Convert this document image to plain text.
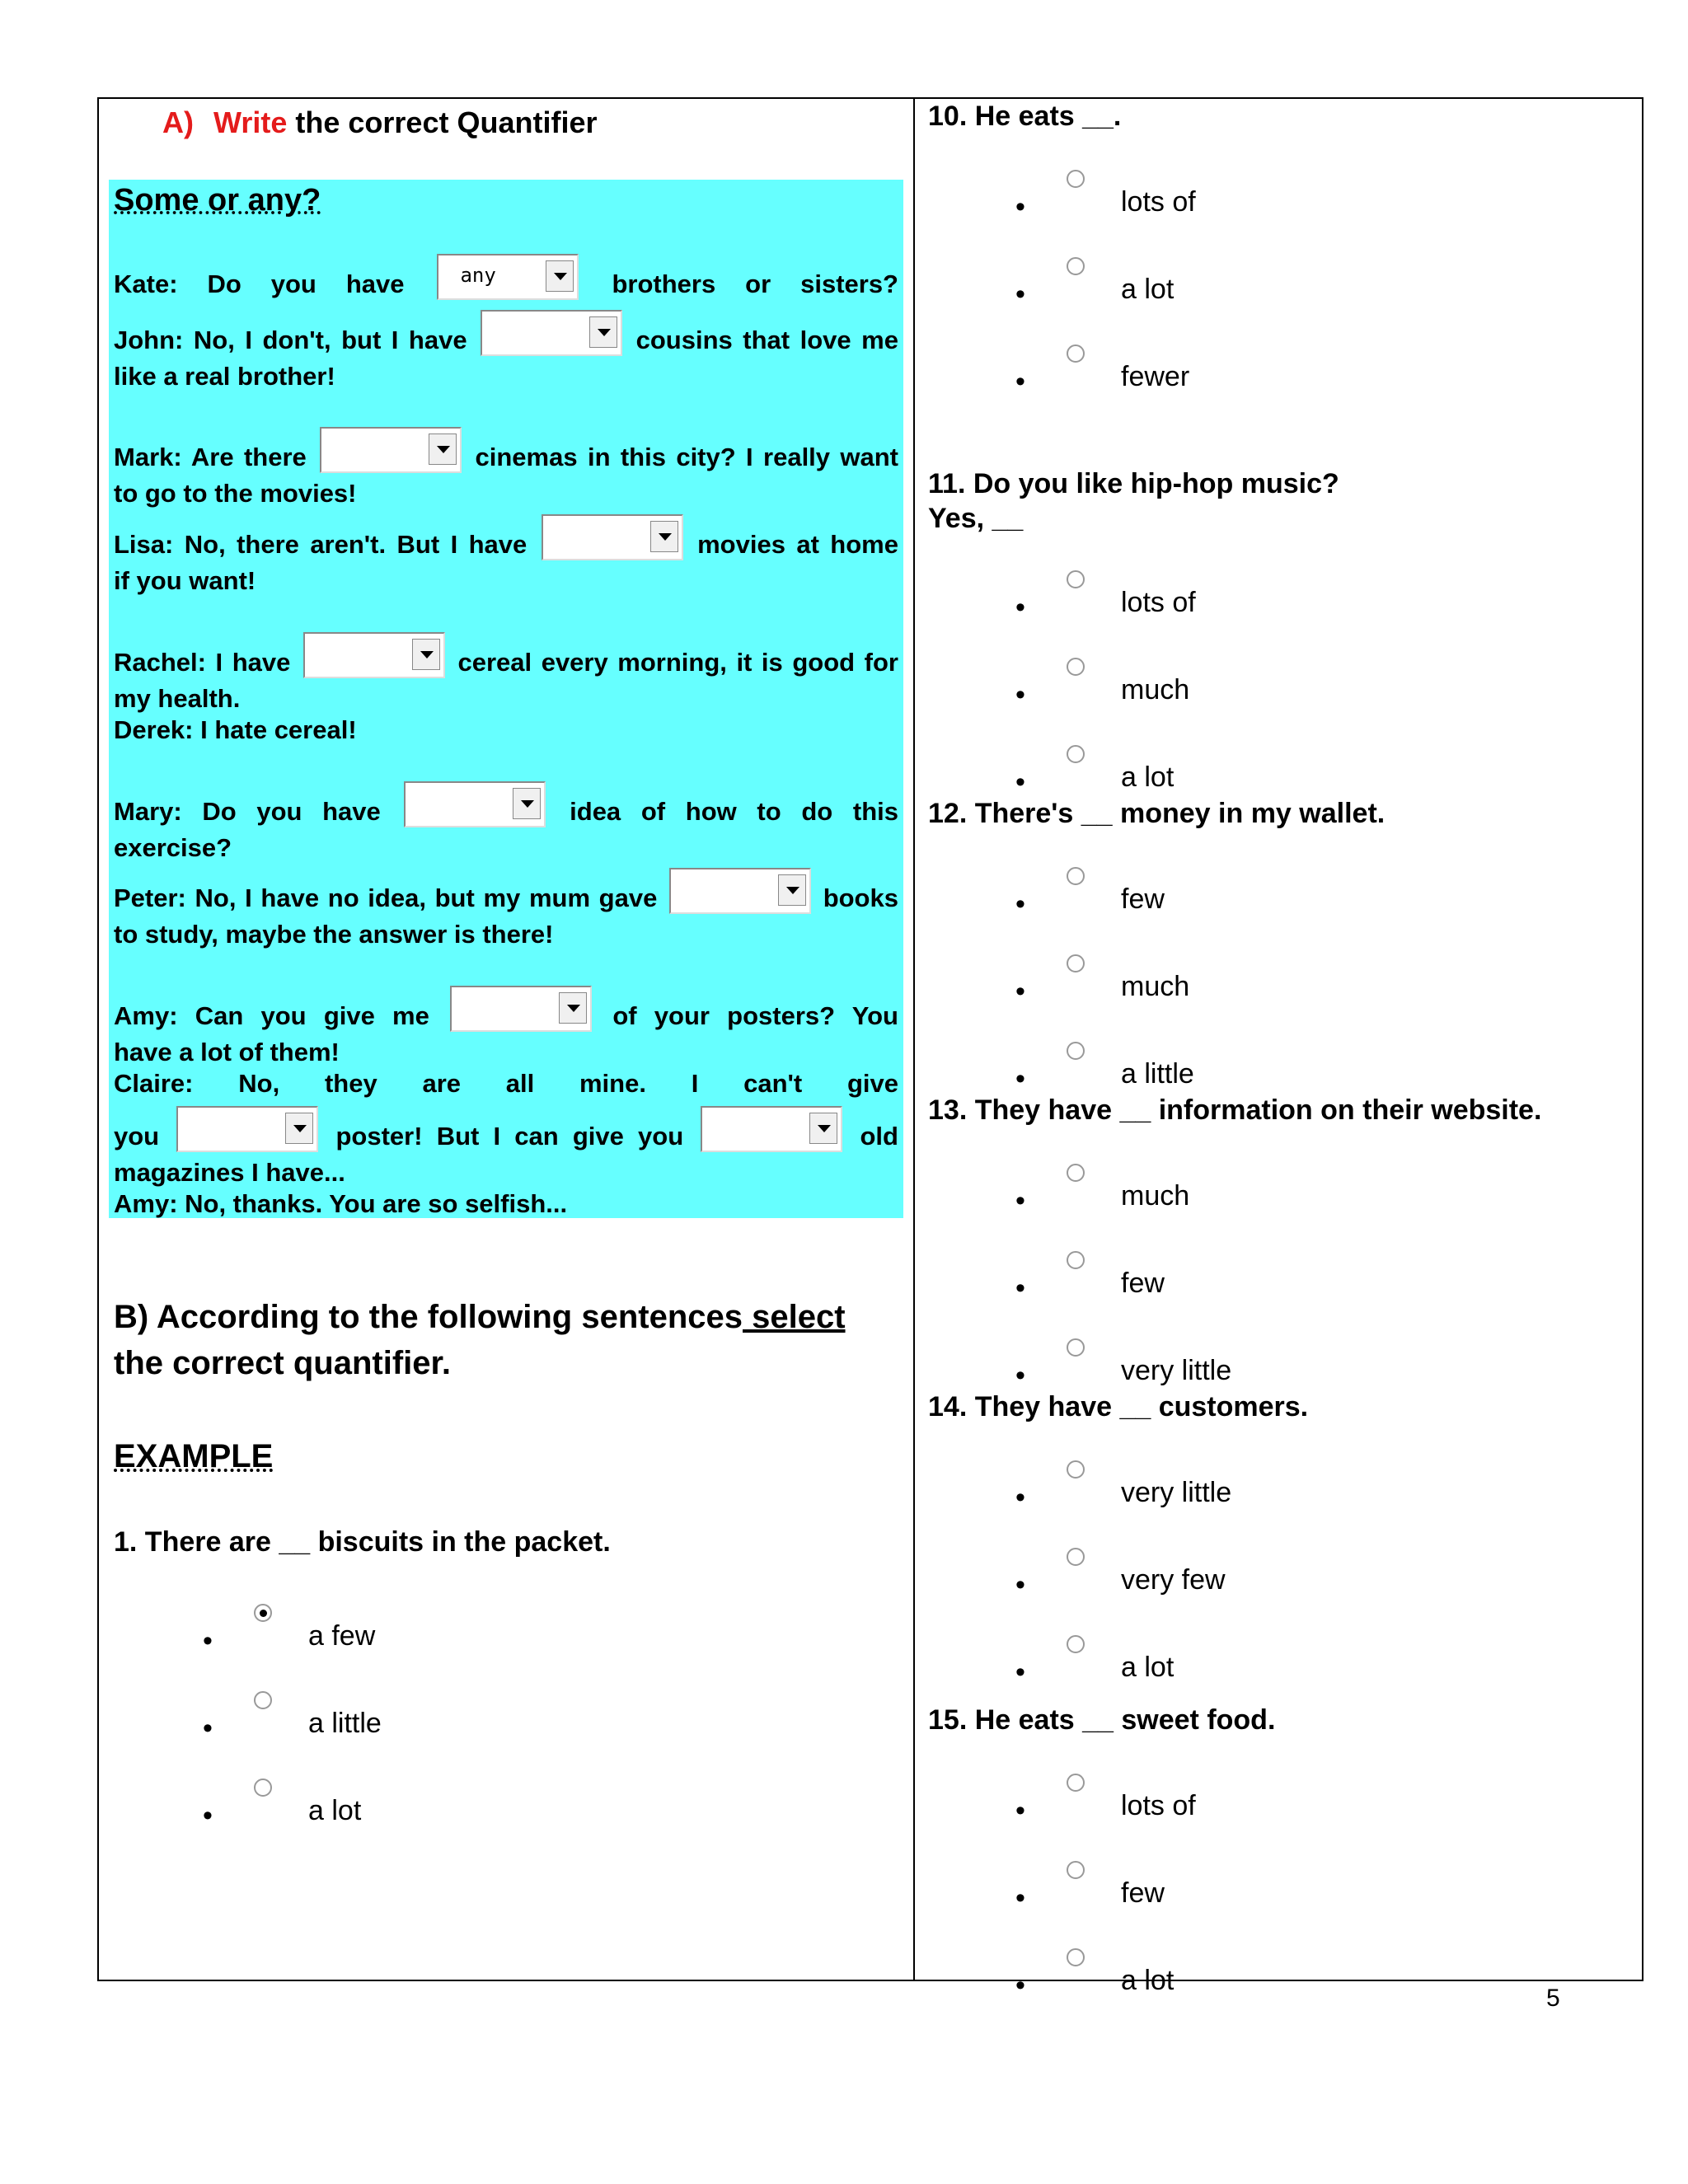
A) Write the correct Quantifier
Some or any?
Kate: Do you have	any	brothers or sisters?
John: No, I don't, but I have	cousins that love me
like a real brother!
Mark: Are there	cinemas in this city? I really want
to go to the movies!
Lisa: No, there aren't. But I have	movies at home
if you want!
Rachel: I have	cereal every morning, it is good for
my health.
Derek: I hate cereal!
Mary: Do you have	idea of how to do this
exercise?
Peter: No, I have no idea, but my mum gave	books
to study, maybe the answer is there!
Amy: Can you give me	of your posters? You
have a lot of them!
Claire: No, they are all mine. I can't give
you	poster! But I can give you	old
magazines I have...
Amy: No, thanks. You are so selfish...
B) According to the following sentences select
the correct quantifier.
EXAMPLE
1. There are __ biscuits in the packet.
•	a few
•	a little
•	a lot
10. He eats __.
11. Do you like hip-hop music?
Yes, __
12. There's __ money in my wallet.
13. They have __ information on their website.
14. They have __ customers.
15. He eats __ sweet food.
•	lots of
•	a lot
•	fewer
•	lots of
•	much
•	a lot
•	few
•	much
•	a little
•	much
•	few
•	very little
•	very little
•	very few
•	a lot
•	lots of
•	few
•	a lot
5
